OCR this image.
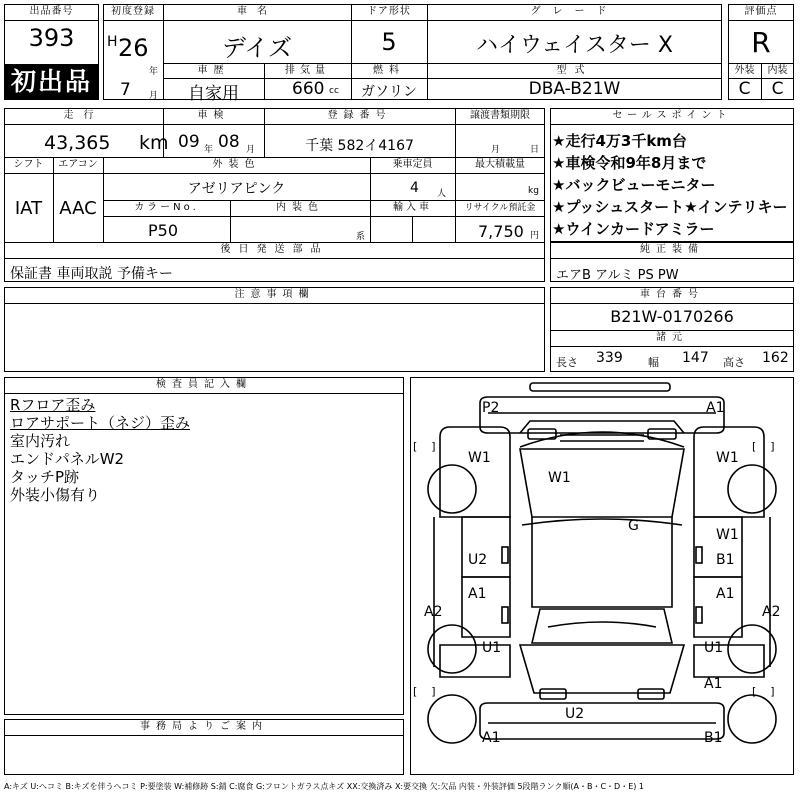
出品番号
393
初出品
初度登録
H 26
年
7 月
車名
デイズ
ドア形状
5
グレード
ハイウェイスター X
車歴
自家用
排気量
660 cc
燃料
ガソリン
型式
DBA-B21W
評価点
R
外装	内装
C	C
走行
43,365 km
車検
09 年 08 月
登録番号
千葉 582イ4167
譲渡書類期限
月	日
シフト
IAT
エアコン
AAC
外装色
アゼリアピンク
乗車定員
4 人
最大積載量
kg
カラーNo.
P50
内装色
系
輸入車	リサイクル預託金
7,750 円
後日発送部品
保証書 車両取説 予備キー
セールスポイント
★走行4万3千km台
★車検令和9年8月まで
★バックビューモニター
★プッシュスタート★インテリキー
★ウインカードアミラー
純正装備
エアB アルミ PS PW
注意事項欄	車台番号
B21W-0170266
諸元
長さ 339 幅 147 高さ 162
検査員記入欄
Rフロア歪み
ロアサポート（ネジ）歪み
室内汚れ
エンドパネルW2
タッチP跡
外装小傷有り
事務局よりご案内
[    ]	[    ]
[    ]	[    ]
P2	A1
W1
W1
W1
G
W1
U2	B1
A1	A1
A2	A2
U1	U1
A1
U2
A1	B1
A:キズ U:ヘコミ B:キズを伴うヘコミ P:要塗装 W:補修跡 S:錆 C:腐食 G:フロントガラス点キズ XX:交換済み X:要交換 欠:欠品 内装・外装評価 5段階ランク順(A・B・C・D・E) 1
